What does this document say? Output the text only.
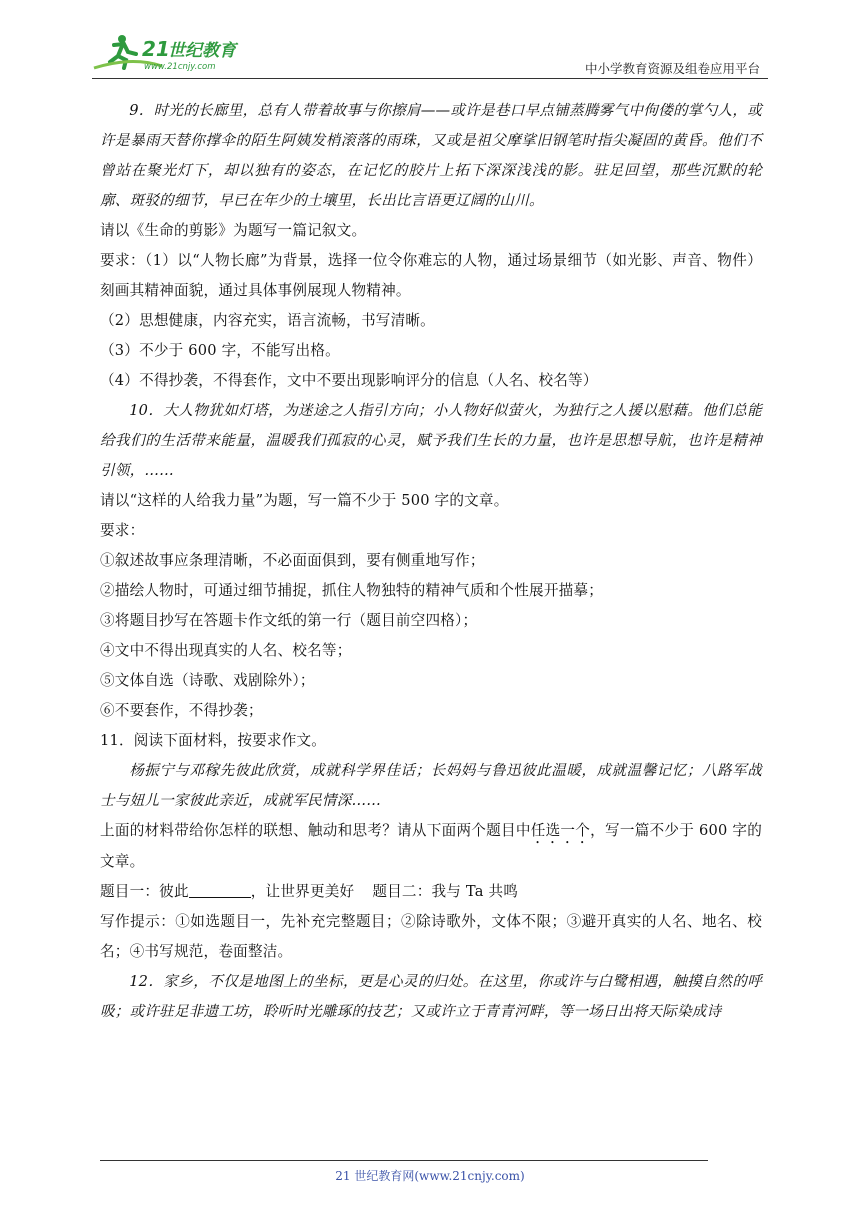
21
世纪教育
www.21cnjy.com	中小学教育资源及组卷应用平台

9．时光的长廊里，总有人带着故事与你擦肩——或许是巷口早点铺蒸腾雾气中佝偻的掌勺人，或许是暴雨天替你撑伞的陌生阿姨发梢滚落的雨珠，又或是祖父摩挲旧钢笔时指尖凝固的黄昏。他们不曾站在聚光灯下，却以独有的姿态，在记忆的胶片上拓下深深浅浅的影。驻足回望，那些沉默的轮廓、斑驳的细节，早已在年少的土壤里，长出比言语更辽阔的山川。

请以《生命的剪影》为题写一篇记叙文。

要求：（1）以“人物长廊”为背景，选择一位令你难忘的人物，通过场景细节（如光影、声音、物件）刻画其精神面貌，通过具体事例展现人物精神。

（2）思想健康，内容充实，语言流畅，书写清晰。

（3）不少于 600 字，不能写出格。

（4）不得抄袭，不得套作，文中不要出现影响评分的信息（人名、校名等）

10．大人物犹如灯塔，为迷途之人指引方向；小人物好似萤火，为独行之人援以慰藉。他们总能给我们的生活带来能量，温暖我们孤寂的心灵，赋予我们生长的力量，也许是思想导航，也许是精神引领，……

请以“这样的人给我力量”为题，写一篇不少于 500 字的文章。

要求：

①叙述故事应条理清晰，不必面面俱到，要有侧重地写作；

②描绘人物时，可通过细节捕捉，抓住人物独特的精神气质和个性展开描摹；

③将题目抄写在答题卡作文纸的第一行（题目前空四格）；

④文中不得出现真实的人名、校名等；

⑤文体自选（诗歌、戏剧除外）；

⑥不要套作，不得抄袭；

11．阅读下面材料，按要求作文。

杨振宁与邓稼先彼此欣赏，成就科学界佳话；长妈妈与鲁迅彼此温暖，成就温馨记忆；八路军战士与妞儿一家彼此亲近，成就军民情深……

上面的材料带给你怎样的联想、触动和思考？请从下面两个题目中任选一个，写一篇不少于 600 字的文章。

题目一：彼此	，让世界更美好 题目二：我与 Ta 共鸣

写作提示：①如选题目一，先补充完整题目；②除诗歌外，文体不限；③避开真实的人名、地名、校名；④书写规范，卷面整洁。

12．家乡，不仅是地图上的坐标，更是心灵的归处。在这里，你或许与白鹭相遇，触摸自然的呼吸；或许驻足非遗工坊，聆听时光雕琢的技艺；又或许立于青青河畔，等一场日出将天际染成诗

21 世纪教育网(www.21cnjy.com)
